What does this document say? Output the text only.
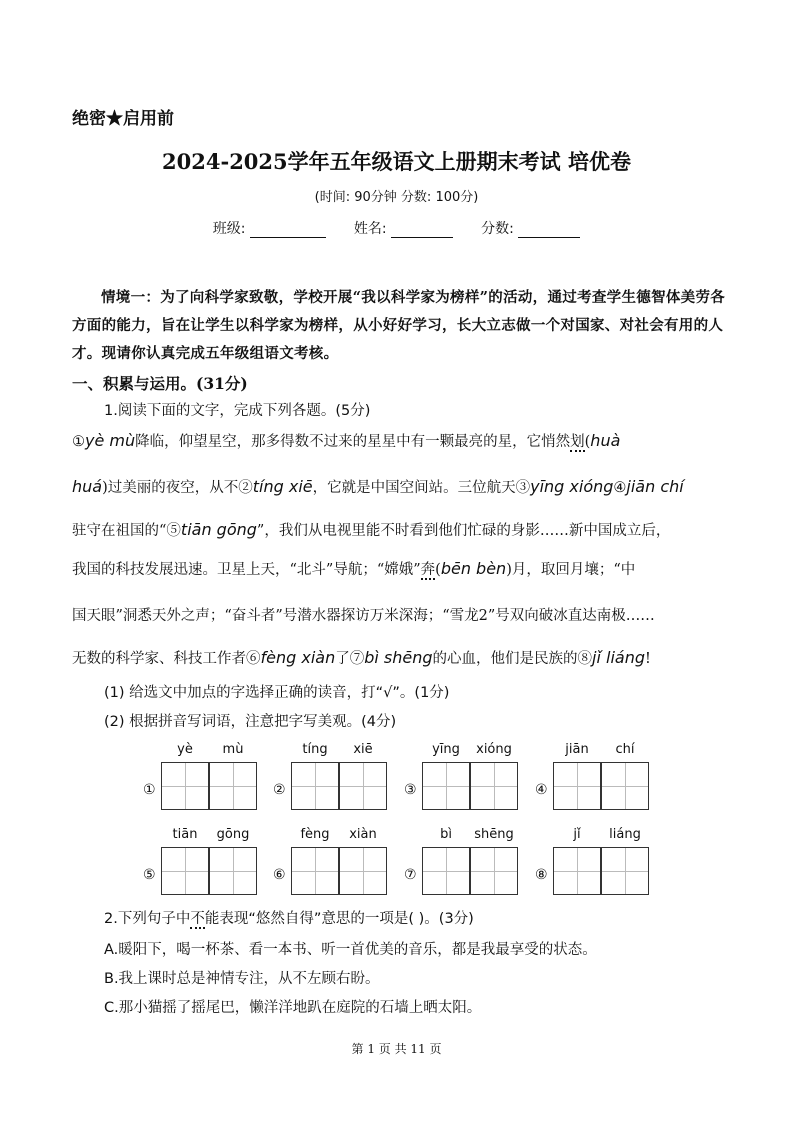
绝密★启用前
2024-2025学年五年级语文上册期末考试 培优卷
(时间: 90分钟 分数: 100分)
班级:	姓名:	分数:
情境一：为了向科学家致敬，学校开展“我以科学家为榜样”的活动，通过考查学生德智体美劳各方面的能力，旨在让学生以科学家为榜样，从小好好学习，长大立志做一个对国家、对社会有用的人才。现请你认真完成五年级组语文考核。
一、积累与运用。(31分)
1.阅读下面的文字，完成下列各题。(5分)
①yè mù降临，仰望星空，那多得数不过来的星星中有一颗最亮的星，它悄然划(huà
huá)过美丽的夜空，从不②tíng xiē，它就是中国空间站。三位航天③yīng xióng④jiān chí
驻守在祖国的“⑤tiān gōng”，我们从电视里能不时看到他们忙碌的身影……新中国成立后，
我国的科技发展迅速。卫星上天，“北斗”导航；“嫦娥”奔(bēn bèn)月，取回月壤；“中
国天眼”洞悉天外之声；“奋斗者”号潜水器探访万米深海；“雪龙2”号双向破冰直达南极……
无数的科学家、科技工作者⑥fèng xiàn了⑦bì shēng的心血，他们是民族的⑧jǐ liáng!
(1) 给选文中加点的字选择正确的读音，打“√”。(1分)
(2) 根据拼音写词语，注意把字写美观。(4分)
①
yè	mù
②
tíng	xiē
③
yīng	xióng
④
jiān	chí
⑤
tiān	gōng
⑥
fèng	xiàn
⑦
bì	shēng
⑧
jǐ	liáng
2.下列句子中不能表现“悠然自得”意思的一项是( )。(3分)
A.暖阳下，喝一杯茶、看一本书、听一首优美的音乐，都是我最享受的状态。
B.我上课时总是神情专注，从不左顾右盼。
C.那小猫摇了摇尾巴，懒洋洋地趴在庭院的石墙上晒太阳。
第 1 页 共 11 页
